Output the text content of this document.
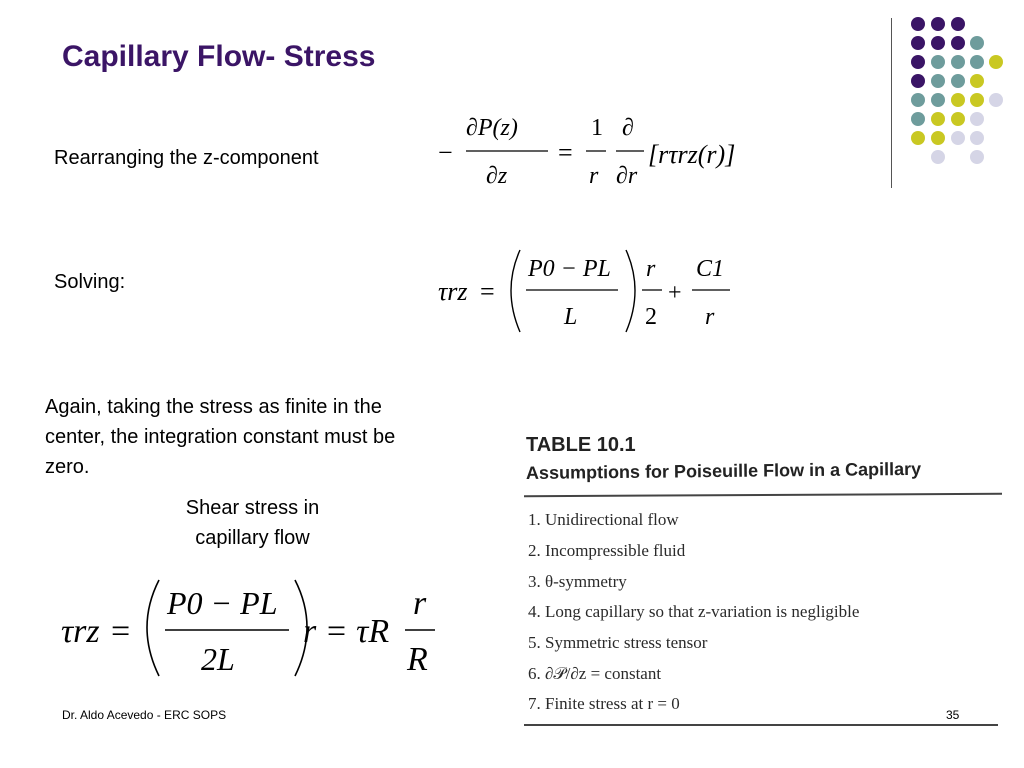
Capillary Flow- Stress
Rearranging the z-component
Solving:
−
∂P(z)
∂z
=
1
r
∂
∂r
[rτrz(r)]
τrz =
P0 − PL
L
r
2
+
C1
r
Again, taking the stress as finite in the
center, the integration constant must be
zero.
Shear stress in
capillary flow
τrz =
P0 − PL
2L
r = τR
r
R
TABLE 10.1
Assumptions for Poiseuille Flow in a Capillary
1. Unidirectional flow
2. Incompressible fluid
3. θ-symmetry
4. Long capillary so that z-variation is negligible
5. Symmetric stress tensor
6. ∂𝒫/∂z = constant
7. Finite stress at r = 0
Dr. Aldo Acevedo - ERC SOPS	35
